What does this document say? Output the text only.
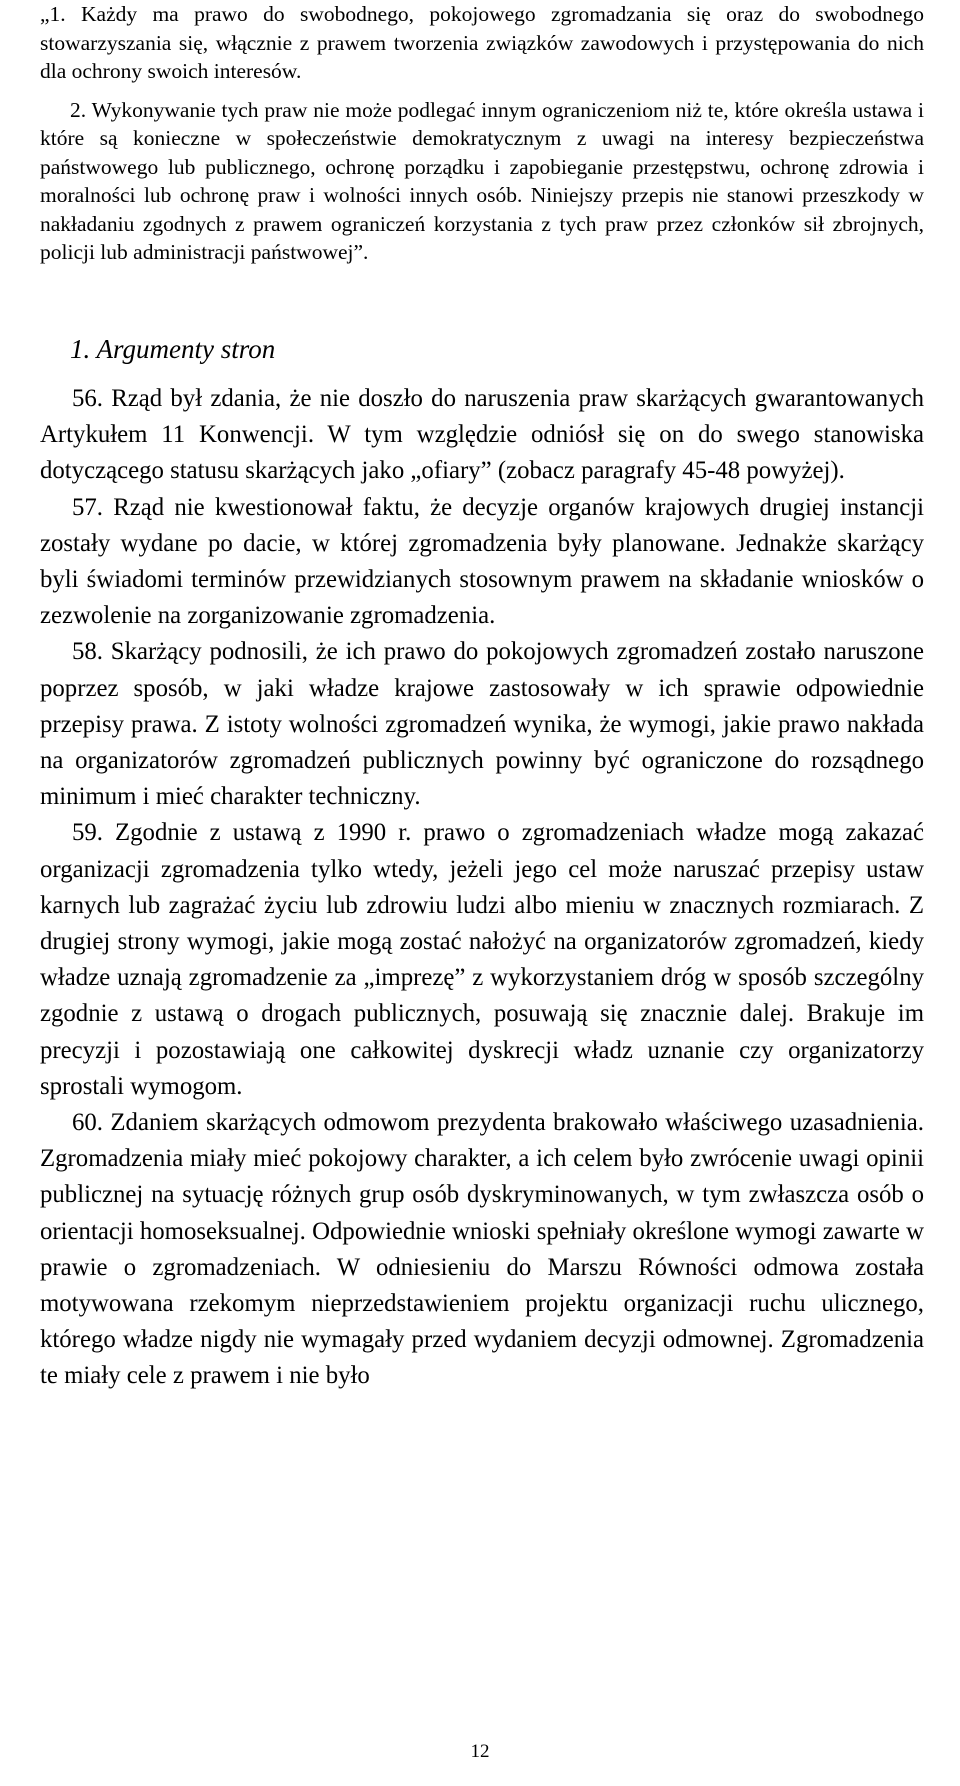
„1. Każdy ma prawo do swobodnego, pokojowego zgromadzania się oraz do swobodnego stowarzyszania się, włącznie z prawem tworzenia związków zawodowych i przystępowania do nich dla ochrony swoich interesów.

2. Wykonywanie tych praw nie może podlegać innym ograniczeniom niż te, które określa ustawa i które są konieczne w społeczeństwie demokratycznym z uwagi na interesy bezpieczeństwa państwowego lub publicznego, ochronę porządku i zapobieganie przestępstwu, ochronę zdrowia i moralności lub ochronę praw i wolności innych osób. Niniejszy przepis nie stanowi przeszkody w nakładaniu zgodnych z prawem ograniczeń korzystania z tych praw przez członków sił zbrojnych, policji lub administracji państwowej”.

1. Argumenty stron

56. Rząd był zdania, że nie doszło do naruszenia praw skarżących gwarantowanych Artykułem 11 Konwencji. W tym względzie odniósł się on do swego stanowiska dotyczącego statusu skarżących jako „ofiary” (zobacz paragrafy 45-48 powyżej).

57. Rząd nie kwestionował faktu, że decyzje organów krajowych drugiej instancji zostały wydane po dacie, w której zgromadzenia były planowane. Jednakże skarżący byli świadomi terminów przewidzianych stosownym prawem na składanie wniosków o zezwolenie na zorganizowanie zgromadzenia.

58. Skarżący podnosili, że ich prawo do pokojowych zgromadzeń zostało naruszone poprzez sposób, w jaki władze krajowe zastosowały w ich sprawie odpowiednie przepisy prawa. Z istoty wolności zgromadzeń wynika, że wymogi, jakie prawo nakłada na organizatorów zgromadzeń publicznych powinny być ograniczone do rozsądnego minimum i mieć charakter techniczny.

59. Zgodnie z ustawą z 1990 r. prawo o zgromadzeniach władze mogą zakazać organizacji zgromadzenia tylko wtedy, jeżeli jego cel może naruszać przepisy ustaw karnych lub zagrażać życiu lub zdrowiu ludzi albo mieniu w znacznych rozmiarach. Z drugiej strony wymogi, jakie mogą zostać nałożyć na organizatorów zgromadzeń, kiedy władze uznają zgromadzenie za „imprezę” z wykorzystaniem dróg w sposób szczególny zgodnie z ustawą o drogach publicznych, posuwają się znacznie dalej. Brakuje im precyzji i pozostawiają one całkowitej dyskrecji władz uznanie czy organizatorzy sprostali wymogom.

60. Zdaniem skarżących odmowom prezydenta brakowało właściwego uzasadnienia. Zgromadzenia miały mieć pokojowy charakter, a ich celem było zwrócenie uwagi opinii publicznej na sytuację różnych grup osób dyskryminowanych, w tym zwłaszcza osób o orientacji homoseksualnej. Odpowiednie wnioski spełniały określone wymogi zawarte w prawie o zgromadzeniach. W odniesieniu do Marszu Równości odmowa została motywowana rzekomym nieprzedstawieniem projektu organizacji ruchu ulicznego, którego władze nigdy nie wymagały przed wydaniem decyzji odmownej. Zgromadzenia te miały cele z prawem i nie było

12
